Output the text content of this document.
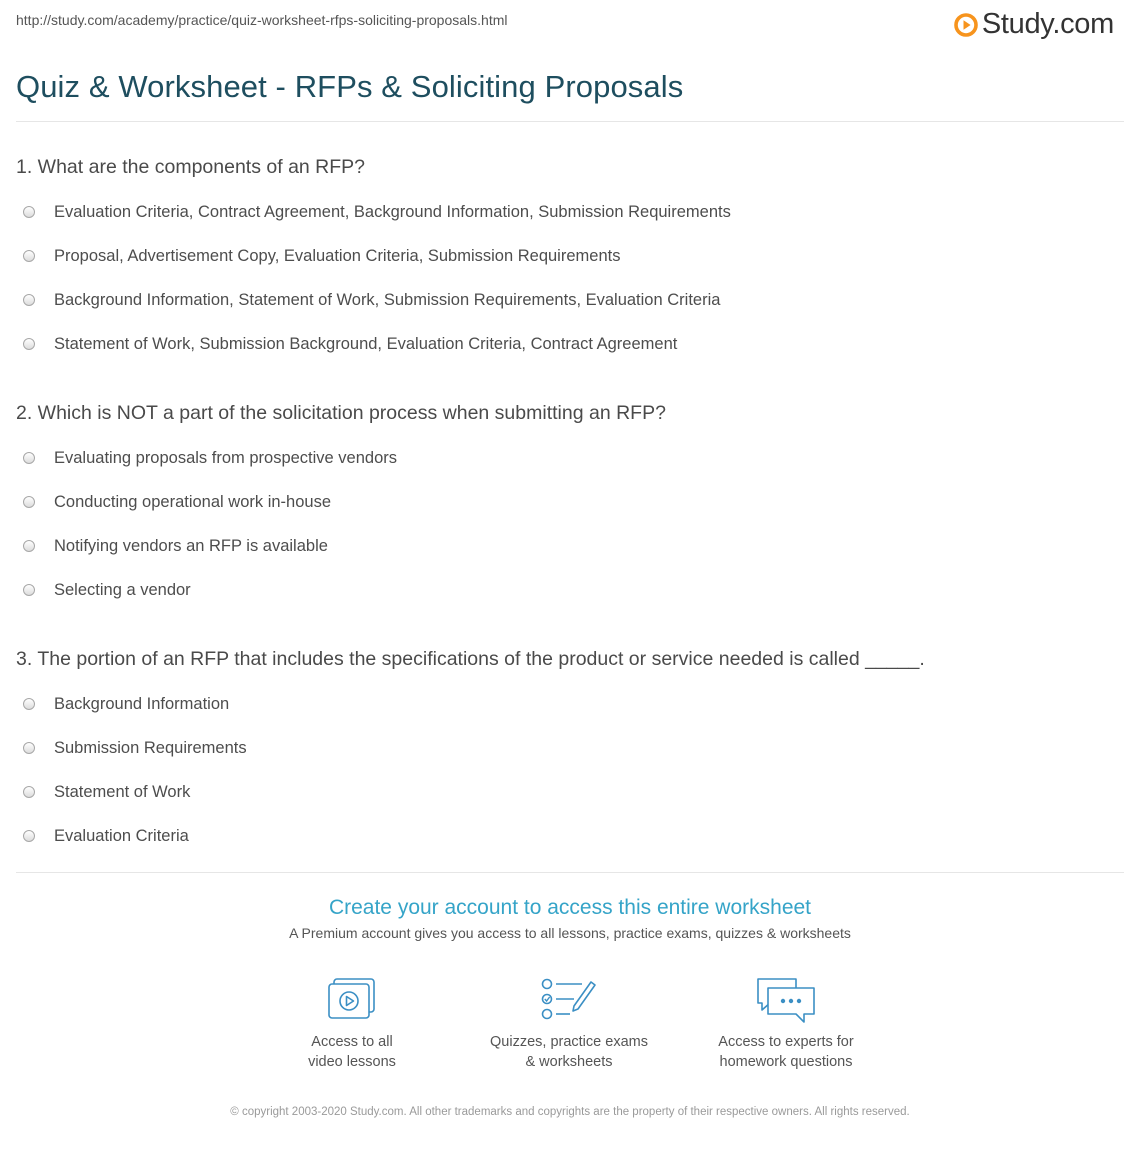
http://study.com/academy/practice/quiz-worksheet-rfps-soliciting-proposals.html	Study.com
Quiz & Worksheet - RFPs & Soliciting Proposals
1. What are the components of an RFP?
Evaluation Criteria, Contract Agreement, Background Information, Submission Requirements
Proposal, Advertisement Copy, Evaluation Criteria, Submission Requirements
Background Information, Statement of Work, Submission Requirements, Evaluation Criteria
Statement of Work, Submission Background, Evaluation Criteria, Contract Agreement
2. Which is NOT a part of the solicitation process when submitting an RFP?
Evaluating proposals from prospective vendors
Conducting operational work in-house
Notifying vendors an RFP is available
Selecting a vendor
3. The portion of an RFP that includes the specifications of the product or service needed is called _____.
Background Information
Submission Requirements
Statement of Work
Evaluation Criteria
Create your account to access this entire worksheet
A Premium account gives you access to all lessons, practice exams, quizzes & worksheets
Access to all
video lessons
Quizzes, practice exams
& worksheets
Access to experts for
homework questions
© copyright 2003-2020 Study.com. All other trademarks and copyrights are the property of their respective owners. All rights reserved.
